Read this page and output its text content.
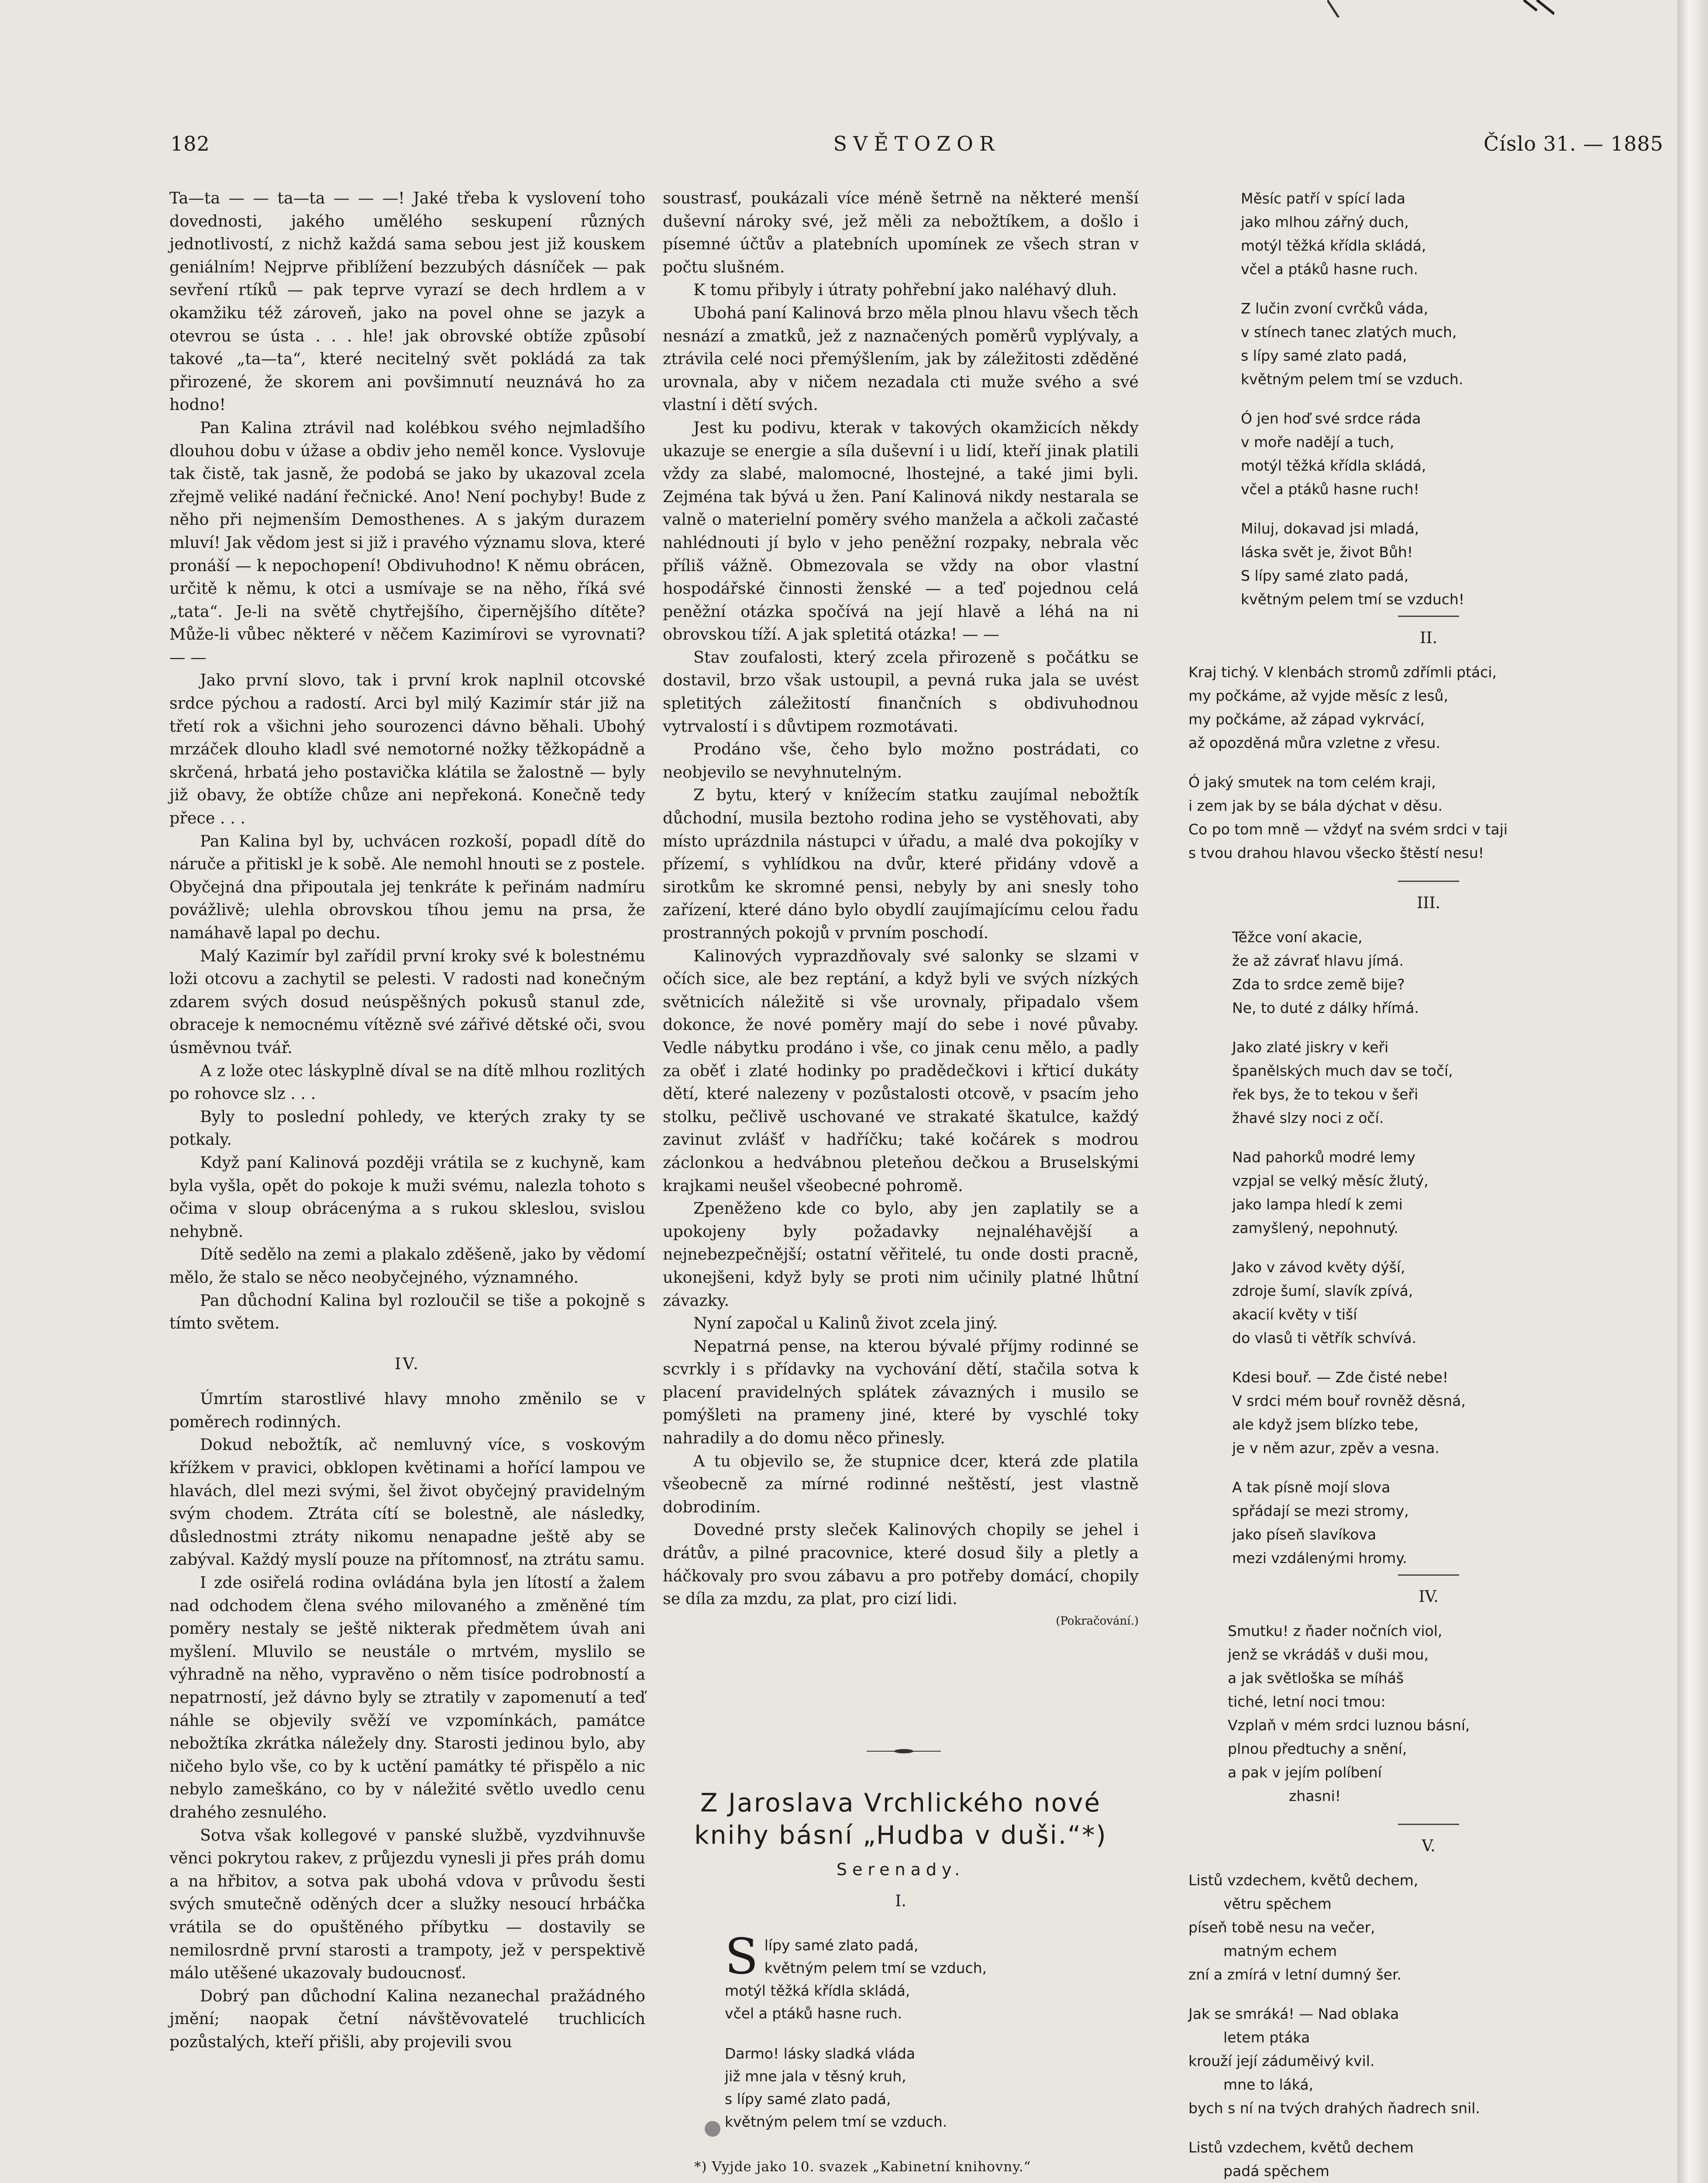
182	SVĚTOZOR	Číslo 31. — 1885

Ta—ta — — ta—ta — — —! Jaké třeba k vyslovení toho dovednosti, jakého umělého seskupení různých jednotlivostí, z nichž každá sama sebou jest již kouskem geniálním! Nejprve přiblížení bezzubých dásníček — pak sevření rtíků — pak teprve vyrazí se dech hrdlem a v okamžiku též zároveň, jako na povel ohne se jazyk a otevrou se ústa . . . hle! jak obrovské obtíže způsobí takové „ta—ta“, které necitelný svět pokládá za tak přirozené, že skorem ani povšimnutí neuznává ho za hodno!

Pan Kalina ztrávil nad kolébkou svého nejmladšího dlouhou dobu v úžase a obdiv jeho neměl konce. Vyslovuje tak čistě, tak jasně, že podobá se jako by ukazoval zcela zřejmě veliké nadání řečnické. Ano! Není pochyby! Bude z něho při nejmenším Demosthenes. A s jakým durazem mluví! Jak vědom jest si již i pravého významu slova, které pronáší — k nepochopení! Obdivuhodno! K němu obrácen, určitě k němu, k otci a usmívaje se na něho, říká své „tata“. Je-li na světě chytřejšího, čipernějšího dítěte? Může-li vůbec některé v něčem Kazimírovi se vyrovnati? — —

Jako první slovo, tak i první krok naplnil otcovské srdce pýchou a radostí. Arci byl milý Kazimír stár již na třetí rok a všichni jeho sourozenci dávno běhali. Ubohý mrzáček dlouho kladl své nemotorné nožky těžkopádně a skrčená, hrbatá jeho postavička klátila se žalostně — byly již obavy, že obtíže chůze ani nepřekoná. Konečně tedy přece . . .

Pan Kalina byl by, uchvácen rozkoší, popadl dítě do náruče a přitiskl je k sobě. Ale nemohl hnouti se z postele. Obyčejná dna připoutala jej tenkráte k peřinám nadmíru povážlivě; ulehla obrovskou tíhou jemu na prsa, že namáhavě lapal po dechu.

Malý Kazimír byl zařídil první kroky své k bolestnému loži otcovu a zachytil se pelesti. V radosti nad konečným zdarem svých dosud neúspěšných pokusů stanul zde, obraceje k nemocnému vítězně své zářivé dětské oči, svou úsměvnou tvář.

A z lože otec láskyplně díval se na dítě mlhou rozlitých po rohovce slz . . .

Byly to poslední pohledy, ve kterých zraky ty se potkaly.

Když paní Kalinová později vrátila se z kuchyně, kam byla vyšla, opět do pokoje k muži svému, nalezla tohoto s očima v sloup obrácenýma a s rukou skleslou, svislou nehybně.

Dítě sedělo na zemi a plakalo zděšeně, jako by vědomí mělo, že stalo se něco neobyčejného, významného.

Pan důchodní Kalina byl rozloučil se tiše a pokojně s tímto světem.

IV.

Úmrtím starostlivé hlavy mnoho změnilo se v poměrech rodinných.

Dokud nebožtík, ač nemluvný více, s voskovým křížkem v pravici, obklopen květinami a hořící lampou ve hlavách, dlel mezi svými, šel život obyčejný pravidelným svým chodem. Ztráta cítí se bolestně, ale následky, důslednostmi ztráty nikomu nenapadne ještě aby se zabýval. Každý myslí pouze na přítomnosť, na ztrátu samu.

I zde osiřelá rodina ovládána byla jen lítostí a žalem nad odchodem člena svého milovaného a změněné tím poměry nestaly se ještě nikterak předmětem úvah ani myšlení. Mluvilo se neustále o mrtvém, myslilo se výhradně na něho, vypravěno o něm tisíce podrobností a nepatrností, jež dávno byly se ztratily v zapomenutí a teď náhle se objevily svěží ve vzpomínkách, památce nebožtíka zkrátka náležely dny. Starosti jedinou bylo, aby ničeho bylo vše, co by k uctění památky té přispělo a nic nebylo zameškáno, co by v náležité světlo uvedlo cenu drahého zesnulého.

Sotva však kollegové v panské službě, vyzdvihnuvše věnci pokrytou rakev, z průjezdu vynesli ji přes práh domu a na hřbitov, a sotva pak ubohá vdova v průvodu šesti svých smutečně oděných dcer a služky nesoucí hrbáčka vrátila se do opuštěného příbytku — dostavily se nemilosrdně první starosti a trampoty, jež v perspektivě málo utěšené ukazovaly budoucnosť.

Dobrý pan důchodní Kalina nezanechal pražádného jmění; naopak četní návštěvovatelé truchlicích pozůstalých, kteří přišli, aby projevili svou

soustrasť, poukázali více méně šetrně na některé menší duševní nároky své, jež měli za nebožtíkem, a došlo i písemné účtův a platebních upomínek ze všech stran v počtu slušném.

K tomu přibyly i útraty pohřební jako naléhavý dluh.

Ubohá paní Kalinová brzo měla plnou hlavu všech těch nesnází a zmatků, jež z naznačených poměrů vyplývaly, a ztrávila celé noci přemýšlením, jak by záležitosti zděděné urovnala, aby v ničem nezadala cti muže svého a své vlastní i dětí svých.

Jest ku podivu, kterak v takových okamžicích někdy ukazuje se energie a síla duševní i u lidí, kteří jinak platili vždy za slabé, malomocné, lhostejné, a také jimi byli. Zejména tak bývá u žen. Paní Kalinová nikdy nestarala se valně o materielní poměry svého manžela a ačkoli začasté nahlédnouti jí bylo v jeho peněžní rozpaky, nebrala věc příliš vážně. Obmezovala se vždy na obor vlastní hospodářské činnosti ženské — a teď pojednou celá peněžní otázka spočívá na její hlavě a léhá na ni obrovskou tíží. A jak spletitá otázka! — —

Stav zoufalosti, který zcela přirozeně s počátku se dostavil, brzo však ustoupil, a pevná ruka jala se uvést spletitých záležitostí finančních s obdivuhodnou vytrvalostí i s důvtipem rozmotávati.

Prodáno vše, čeho bylo možno postrádati, co neobjevilo se nevyhnutelným.

Z bytu, který v knížecím statku zaujímal nebožtík důchodní, musila beztoho rodina jeho se vystěhovati, aby místo uprázdnila nástupci v úřadu, a malé dva pokojíky v přízemí, s vyhlídkou na dvůr, které přidány vdově a sirotkům ke skromné pensi, nebyly by ani snesly toho zařízení, které dáno bylo obydlí zaujímajícímu celou řadu prostranných pokojů v prvním poschodí.

Kalinových vyprazdňovaly své salonky se slzami v očích sice, ale bez reptání, a když byli ve svých nízkých světnicích náležitě si vše urovnaly, připadalo všem dokonce, že nové poměry mají do sebe i nové půvaby. Vedle nábytku prodáno i vše, co jinak cenu mělo, a padly za oběť i zlaté hodinky po pradědečkovi i křticí dukáty dětí, které nalezeny v pozůstalosti otcově, v psacím jeho stolku, pečlivě uschované ve strakaté škatulce, každý zavinut zvlášť v hadříčku; také kočárek s modrou záclonkou a hedvábnou pleteňou dečkou a Bruselskými krajkami neušel všeobecné pohromě.

Zpeněženo kde co bylo, aby jen zaplatily se a upokojeny byly požadavky nejnaléhavější a nejnebezpečnější; ostatní věřitelé, tu onde dosti pracně, ukonejšeni, když byly se proti nim učinily platné lhůtní závazky.

Nyní započal u Kalinů život zcela jiný.

Nepatrná pense, na kterou bývalé příjmy rodinné se scvrkly i s přídavky na vychování dětí, stačila sotva k placení pravidelných splátek závazných i musilo se pomýšleti na prameny jiné, které by vyschlé toky nahradily a do domu něco přinesly.

A tu objevilo se, že stupnice dcer, která zde platila všeobecně za mírné rodinné neštěstí, jest vlastně dobrodiním.

Dovedné prsty sleček Kalinových chopily se jehel i drátův, a pilné pracovnice, které dosud šily a pletly a háčkovaly pro svou zábavu a pro potřeby domácí, chopily se díla za mzdu, za plat, pro cizí lidi.

(Pokračování.)

Z Jaroslava Vrchlického nové
knihy básní „Hudba v duši.“*)
Serenady.
I.
S lípy samé zlato padá,
květným pelem tmí se vzduch,
motýl těžká křídla skládá,
včel a ptáků hasne ruch.
Darmo! lásky sladká vláda
již mne jala v těsný kruh,
s lípy samé zlato padá,
květným pelem tmí se vzduch.
*) Vyjde jako 10. svazek „Kabinetní knihovny.“
Měsíc patří v spící lada
jako mlhou zářný duch,
motýl těžká křídla skládá,
včel a ptáků hasne ruch.
Z lučin zvoní cvrčků váda,
v stínech tanec zlatých much,
s lípy samé zlato padá,
květným pelem tmí se vzduch.
Ó jen hoď své srdce ráda
v moře nadějí a tuch,
motýl těžká křídla skládá,
včel a ptáků hasne ruch!
Miluj, dokavad jsi mladá,
láska svět je, život Bůh!
S lípy samé zlato padá,
květným pelem tmí se vzduch!
II.
Kraj tichý. V klenbách stromů zdřímli ptáci,
my počkáme, až vyjde měsíc z lesů,
my počkáme, až západ vykrvácí,
až opozděná můra vzletne z vřesu.
Ó jaký smutek na tom celém kraji,
i zem jak by se bála dýchat v děsu.
Co po tom mně — vždyť na svém srdci v taji
s tvou drahou hlavou všecko štěstí nesu!
III.
Těžce voní akacie,
že až závrať hlavu jímá.
Zda to srdce země bije?
Ne, to duté z dálky hřímá.
Jako zlaté jiskry v keři
španělských much dav se točí,
řek bys, že to tekou v šeři
žhavé slzy noci z očí.
Nad pahorků modré lemy
vzpjal se velký měsíc žlutý,
jako lampa hledí k zemi
zamyšlený, nepohnutý.
Jako v závod květy dýší,
zdroje šumí, slavík zpívá,
akacií květy v tiší
do vlasů ti větřík schvívá.
Kdesi bouř. — Zde čisté nebe!
V srdci mém bouř rovněž děsná,
ale když jsem blízko tebe,
je v něm azur, zpěv a vesna.
A tak písně mojí slova
spřádají se mezi stromy,
jako píseň slavíkova
mezi vzdálenými hromy.
IV.
Smutku! z ňader nočních viol,
jenž se vkrádáš v duši mou,
a jak světloška se míháš
tiché, letní noci tmou:
Vzplaň v mém srdci luznou básní,
plnou předtuchy a snění,
a pak v jejím políbení
zhasni!
V.
Listů vzdechem, květů dechem,
větru spěchem
píseň tobě nesu na večer,
matným echem
zní a zmírá v letní dumný šer.
Jak se smráká! — Nad oblaka
letem ptáka
krouží její záduměivý kvil.
mne to láká,
bych s ní na tvých drahých ňadrech snil.
Listů vzdechem, květů dechem
padá spěchem
